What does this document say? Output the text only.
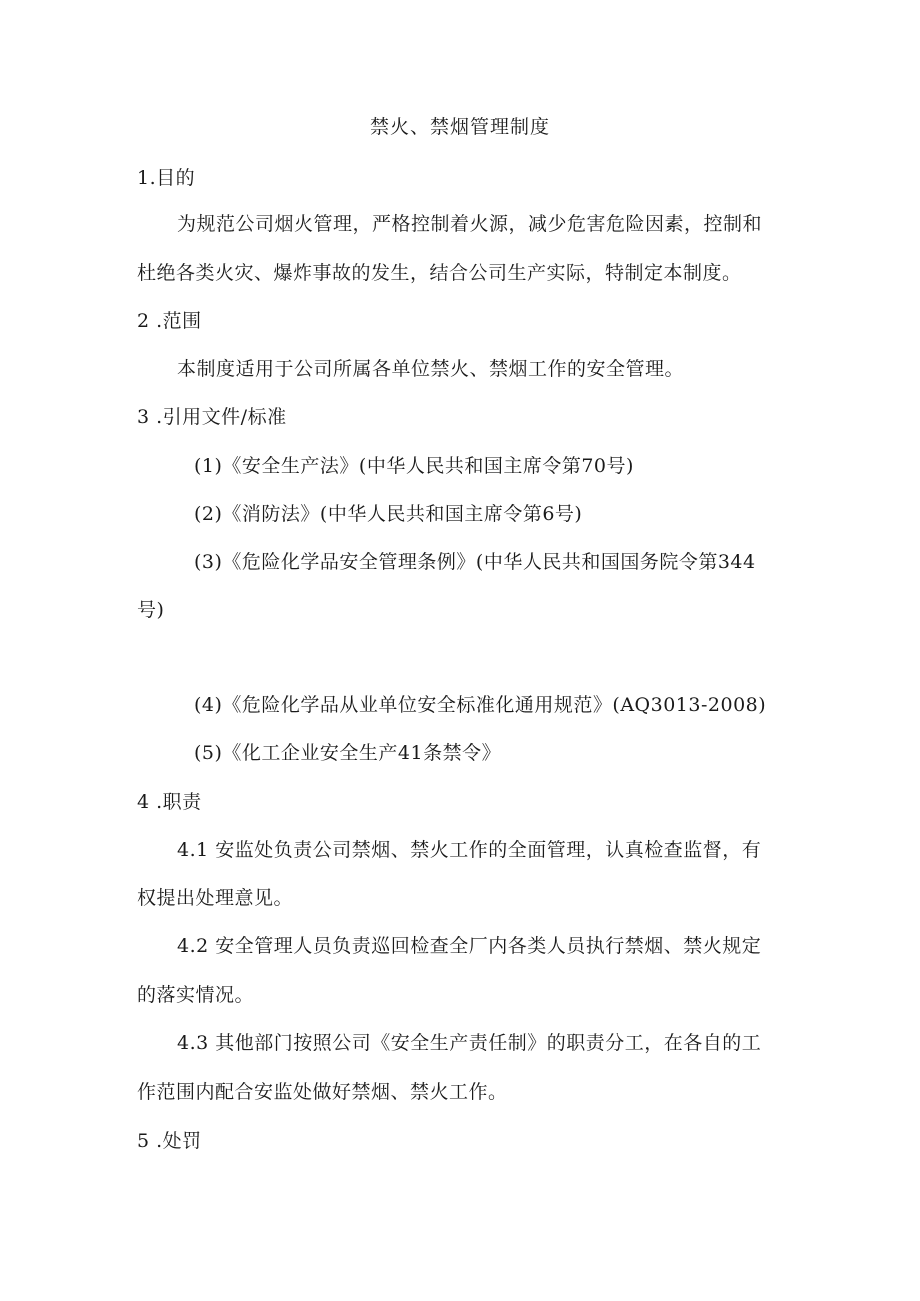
禁火、禁烟管理制度
1.目的
为规范公司烟火管理，严格控制着火源，减少危害危险因素，控制和
杜绝各类火灾、爆炸事故的发生，结合公司生产实际，特制定本制度。
2 .范围
本制度适用于公司所属各单位禁火、禁烟工作的安全管理。
3 .引用文件/标准
(1)《安全生产法》(中华人民共和国主席令第70号)
(2)《消防法》(中华人民共和国主席令第6号)
(3)《危险化学品安全管理条例》(中华人民共和国国务院令第344
号)
(4)《危险化学品从业单位安全标准化通用规范》(AQ3013-2008)
(5)《化工企业安全生产41条禁令》
4 .职责
4.1 安监处负责公司禁烟、禁火工作的全面管理，认真检查监督，有
权提出处理意见。
4.2 安全管理人员负责巡回检查全厂内各类人员执行禁烟、禁火规定
的落实情况。
4.3 其他部门按照公司《安全生产责任制》的职责分工，在各自的工
作范围内配合安监处做好禁烟、禁火工作。
5 .处罚
